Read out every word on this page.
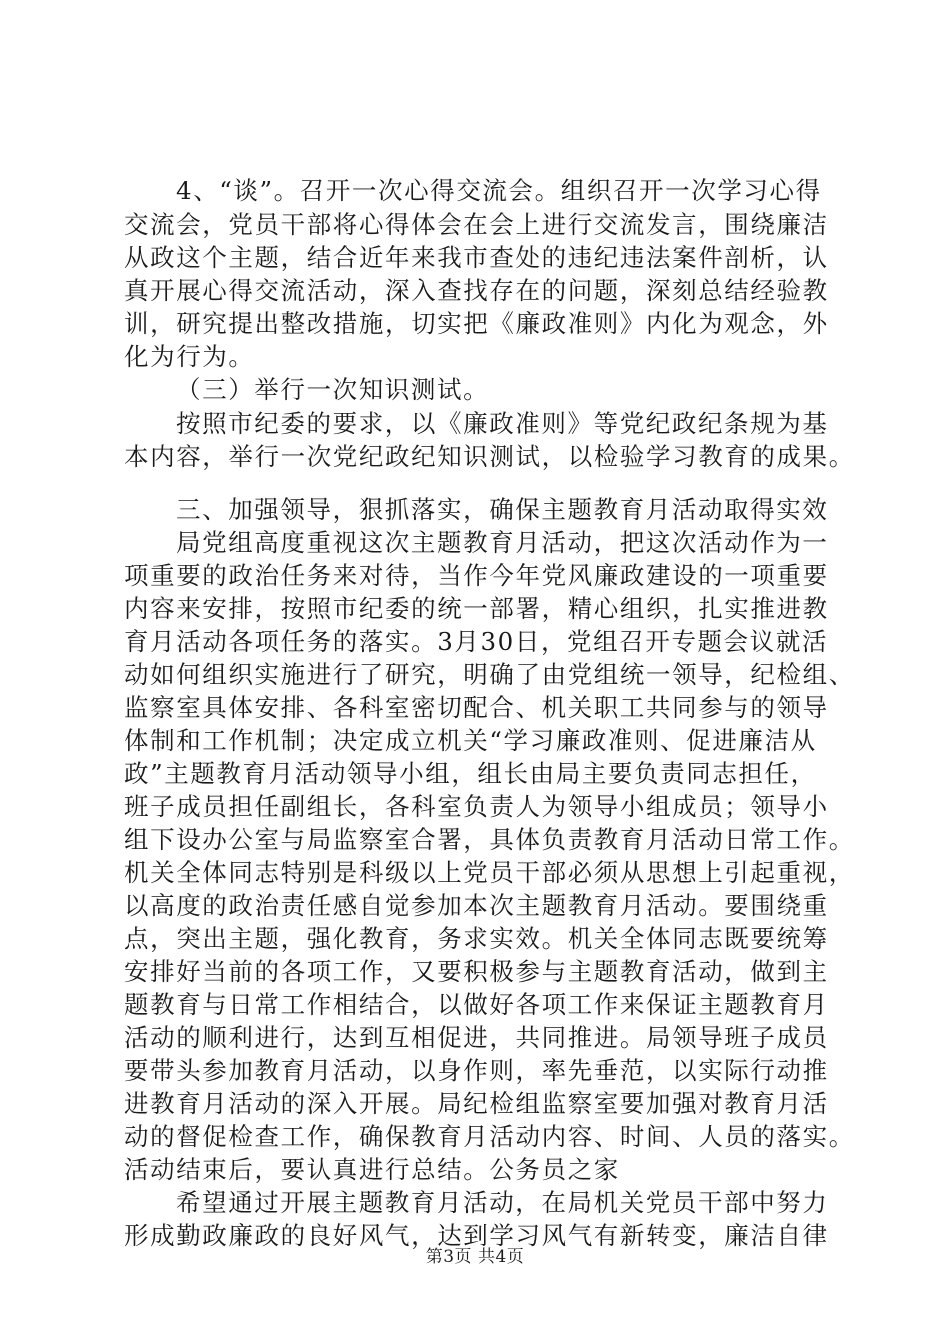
4、“谈”。召开一次心得交流会。组织召开一次学习心得
交流会，党员干部将心得体会在会上进行交流发言，围绕廉洁
从政这个主题，结合近年来我市查处的违纪违法案件剖析，认
真开展心得交流活动，深入查找存在的问题，深刻总结经验教
训，研究提出整改措施，切实把《廉政准则》内化为观念，外
化为行为。
（三）举行一次知识测试。
按照市纪委的要求，以《廉政准则》等党纪政纪条规为基
本内容，举行一次党纪政纪知识测试，以检验学习教育的成果。
三、加强领导，狠抓落实，确保主题教育月活动取得实效
局党组高度重视这次主题教育月活动，把这次活动作为一
项重要的政治任务来对待，当作今年党风廉政建设的一项重要
内容来安排，按照市纪委的统一部署，精心组织，扎实推进教
育月活动各项任务的落实。3月30日，党组召开专题会议就活
动如何组织实施进行了研究，明确了由党组统一领导，纪检组、
监察室具体安排、各科室密切配合、机关职工共同参与的领导
体制和工作机制；决定成立机关“学习廉政准则、促进廉洁从
政”主题教育月活动领导小组，组长由局主要负责同志担任，
班子成员担任副组长，各科室负责人为领导小组成员；领导小
组下设办公室与局监察室合署，具体负责教育月活动日常工作。
机关全体同志特别是科级以上党员干部必须从思想上引起重视，
以高度的政治责任感自觉参加本次主题教育月活动。要围绕重
点，突出主题，强化教育，务求实效。机关全体同志既要统筹
安排好当前的各项工作，又要积极参与主题教育活动，做到主
题教育与日常工作相结合，以做好各项工作来保证主题教育月
活动的顺利进行，达到互相促进，共同推进。局领导班子成员
要带头参加教育月活动，以身作则，率先垂范，以实际行动推
进教育月活动的深入开展。局纪检组监察室要加强对教育月活
动的督促检查工作，确保教育月活动内容、时间、人员的落实。
活动结束后，要认真进行总结。公务员之家
希望通过开展主题教育月活动，在局机关党员干部中努力
形成勤政廉政的良好风气，达到学习风气有新转变，廉洁自律
第3页 共4页
